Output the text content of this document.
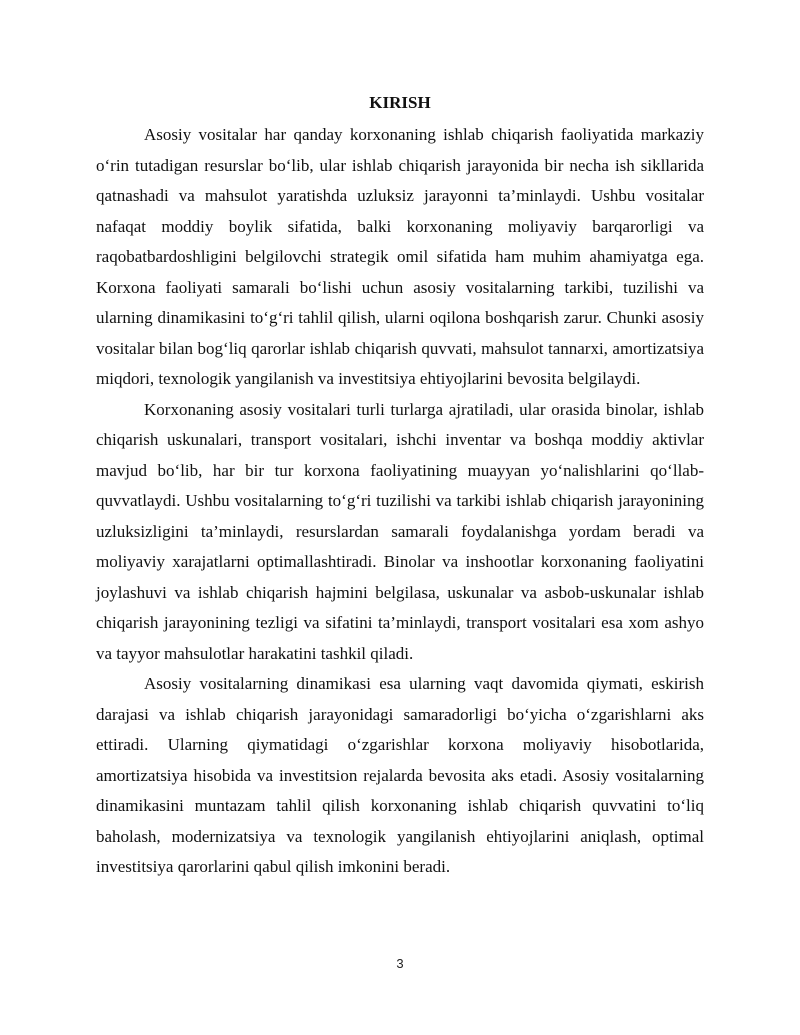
KIRISH

Asosiy vositalar har qanday korxonaning ishlab chiqarish faoliyatida markaziy o‘rin tutadigan resurslar bo‘lib, ular ishlab chiqarish jarayonida bir necha ish sikllarida qatnashadi va mahsulot yaratishda uzluksiz jarayonni ta’minlaydi. Ushbu vositalar nafaqat moddiy boylik sifatida, balki korxonaning moliyaviy barqarorligi va raqobatbardoshligini belgilovchi strategik omil sifatida ham muhim ahamiyatga ega. Korxona faoliyati samarali bo‘lishi uchun asosiy vositalarning tarkibi, tuzilishi va ularning dinamikasini to‘g‘ri tahlil qilish, ularni oqilona boshqarish zarur. Chunki asosiy vositalar bilan bog‘liq qarorlar ishlab chiqarish quvvati, mahsulot tannarxi, amortizatsiya miqdori, texnologik yangilanish va investitsiya ehtiyojlarini bevosita belgilaydi.

Korxonaning asosiy vositalari turli turlarga ajratiladi, ular orasida binolar, ishlab chiqarish uskunalari, transport vositalari, ishchi inventar va boshqa moddiy aktivlar mavjud bo‘lib, har bir tur korxona faoliyatining muayyan yo‘nalishlarini qo‘llab-quvvatlaydi. Ushbu vositalarning to‘g‘ri tuzilishi va tarkibi ishlab chiqarish jarayonining uzluksizligini ta’minlaydi, resurslardan samarali foydalanishga yordam beradi va moliyaviy xarajatlarni optimallashtiradi. Binolar va inshootlar korxonaning faoliyatini joylashuvi va ishlab chiqarish hajmini belgilasa, uskunalar va asbob-uskunalar ishlab chiqarish jarayonining tezligi va sifatini ta’minlaydi, transport vositalari esa xom ashyo va tayyor mahsulotlar harakatini tashkil qiladi.

Asosiy vositalarning dinamikasi esa ularning vaqt davomida qiymati, eskirish darajasi va ishlab chiqarish jarayonidagi samaradorligi bo‘yicha o‘zgarishlarni aks ettiradi. Ularning qiymatidagi o‘zgarishlar korxona moliyaviy hisobotlarida, amortizatsiya hisobida va investitsion rejalarda bevosita aks etadi. Asosiy vositalarning dinamikasini muntazam tahlil qilish korxonaning ishlab chiqarish quvvatini to‘liq baholash, modernizatsiya va texnologik yangilanish ehtiyojlarini aniqlash, optimal investitsiya qarorlarini qabul qilish imkonini beradi.

3
